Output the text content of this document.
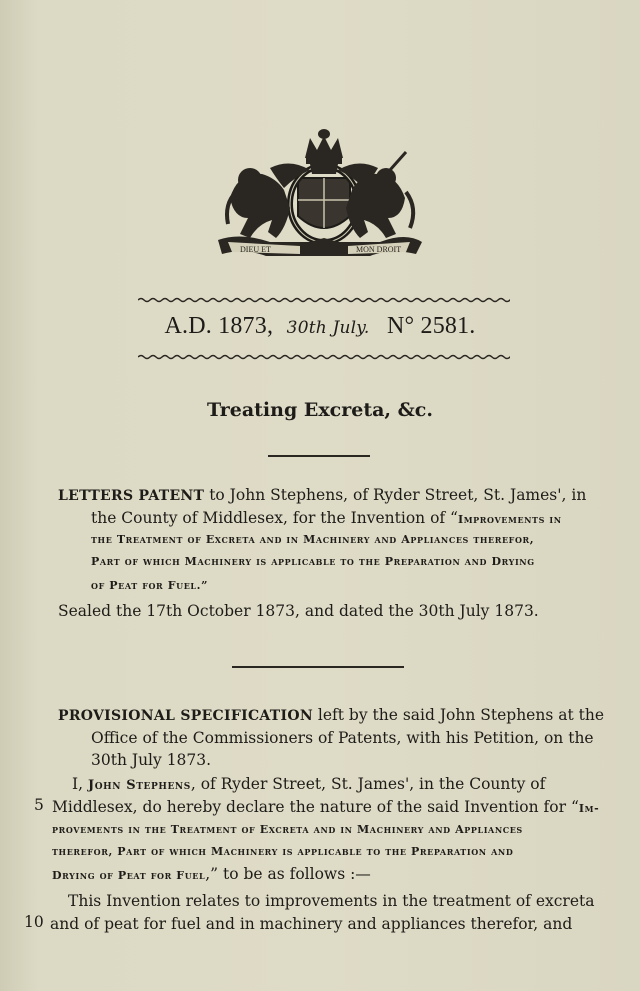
DIEU ET	MON DROIT
A.D. 1873, 30th July. N° 2581.
Treating Excreta, &c.
LETTERS PATENT to John Stephens, of Ryder Street, St. James', in
the County of Middlesex, for the Invention of “Improvements in
the Treatment of Excreta and in Machinery and Appliances therefor,
Part of which Machinery is applicable to the Preparation and Drying
of Peat for Fuel.”
Sealed the 17th October 1873, and dated the 30th July 1873.
PROVISIONAL SPECIFICATION left by the said John Stephens at the
Office of the Commissioners of Patents, with his Petition, on the
30th July 1873.
I, John Stephens, of Ryder Street, St. James', in the County of
5 Middlesex, do hereby declare the nature of the said Invention for “Im-
provements in the Treatment of Excreta and in Machinery and Appliances
therefor, Part of which Machinery is applicable to the Preparation and
Drying of Peat for Fuel,” to be as follows :—
This Invention relates to improvements in the treatment of excreta
10 and of peat for fuel and in machinery and appliances therefor, and
